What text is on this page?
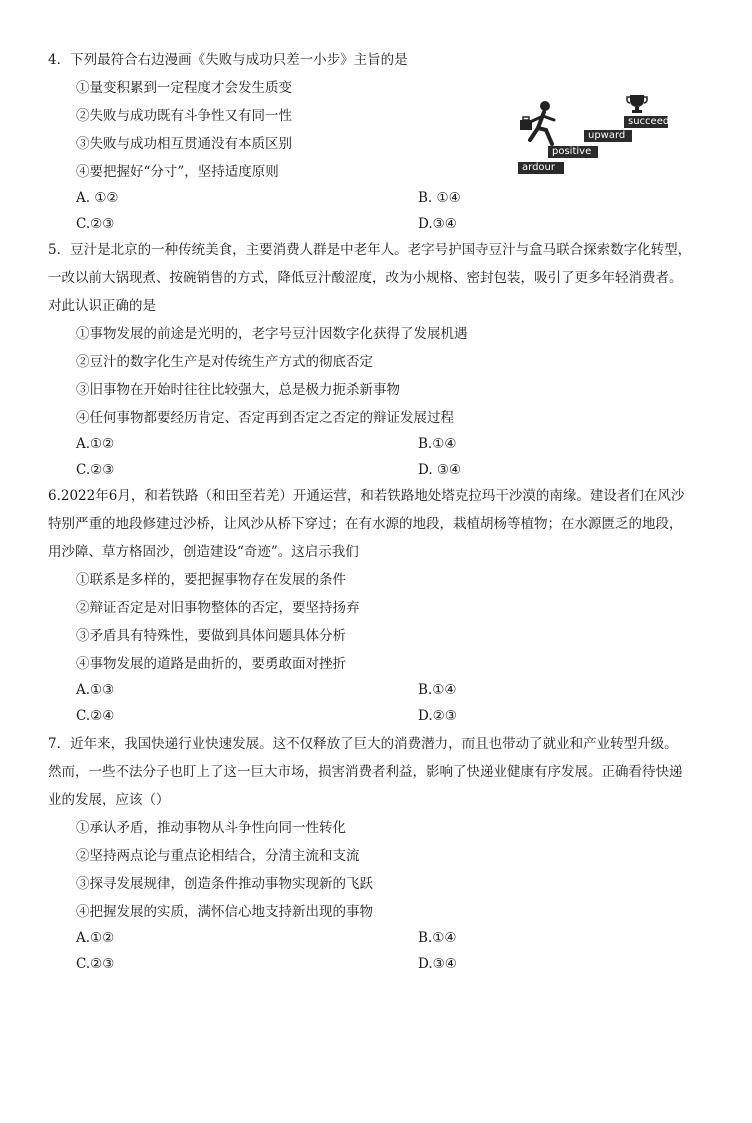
4．下列最符合右边漫画《失败与成功只差一小步》主旨的是
①量变积累到一定程度才会发生质变
②失败与成功既有斗争性又有同一性
③失败与成功相互贯通没有本质区别
④要把握好“分寸”，坚持适度原则
A. ①②	B. ①④
C.②③	D.③④
succeed
upward
positive
ardour
5．豆汁是北京的一种传统美食，主要消费人群是中老年人。老字号护国寺豆汁与盒马联合探索数字化转型，
一改以前大锅现煮、按碗销售的方式，降低豆汁酸涩度，改为小规格、密封包装，吸引了更多年轻消费者。
对此认识正确的是
①事物发展的前途是光明的，老字号豆汁因数字化获得了发展机遇
②豆汁的数字化生产是对传统生产方式的彻底否定
③旧事物在开始时往往比较强大，总是极力扼杀新事物
④任何事物都要经历肯定、否定再到否定之否定的辩证发展过程
A.①②	B.①④
C.②③	D. ③④
6.2022年6月，和若铁路（和田至若羌）开通运营，和若铁路地处塔克拉玛干沙漠的南缘。建设者们在风沙
特别严重的地段修建过沙桥，让风沙从桥下穿过；在有水源的地段，栽植胡杨等植物；在水源匮乏的地段，
用沙障、草方格固沙，创造建设“奇迹”。这启示我们
①联系是多样的，要把握事物存在发展的条件
②辩证否定是对旧事物整体的否定，要坚持扬弃
③矛盾具有特殊性，要做到具体问题具体分析
④事物发展的道路是曲折的，要勇敢面对挫折
A.①③	B.①④
C.②④	D.②③
7．近年来，我国快递行业快速发展。这不仅释放了巨大的消费潜力，而且也带动了就业和产业转型升级。
然而，一些不法分子也盯上了这一巨大市场，损害消费者利益，影响了快递业健康有序发展。正确看待快递
业的发展，应该（）
①承认矛盾，推动事物从斗争性向同一性转化
②坚持两点论与重点论相结合，分清主流和支流
③探寻发展规律，创造条件推动事物实现新的飞跃
④把握发展的实质，满怀信心地支持新出现的事物
A.①②	B.①④
C.②③	D.③④
